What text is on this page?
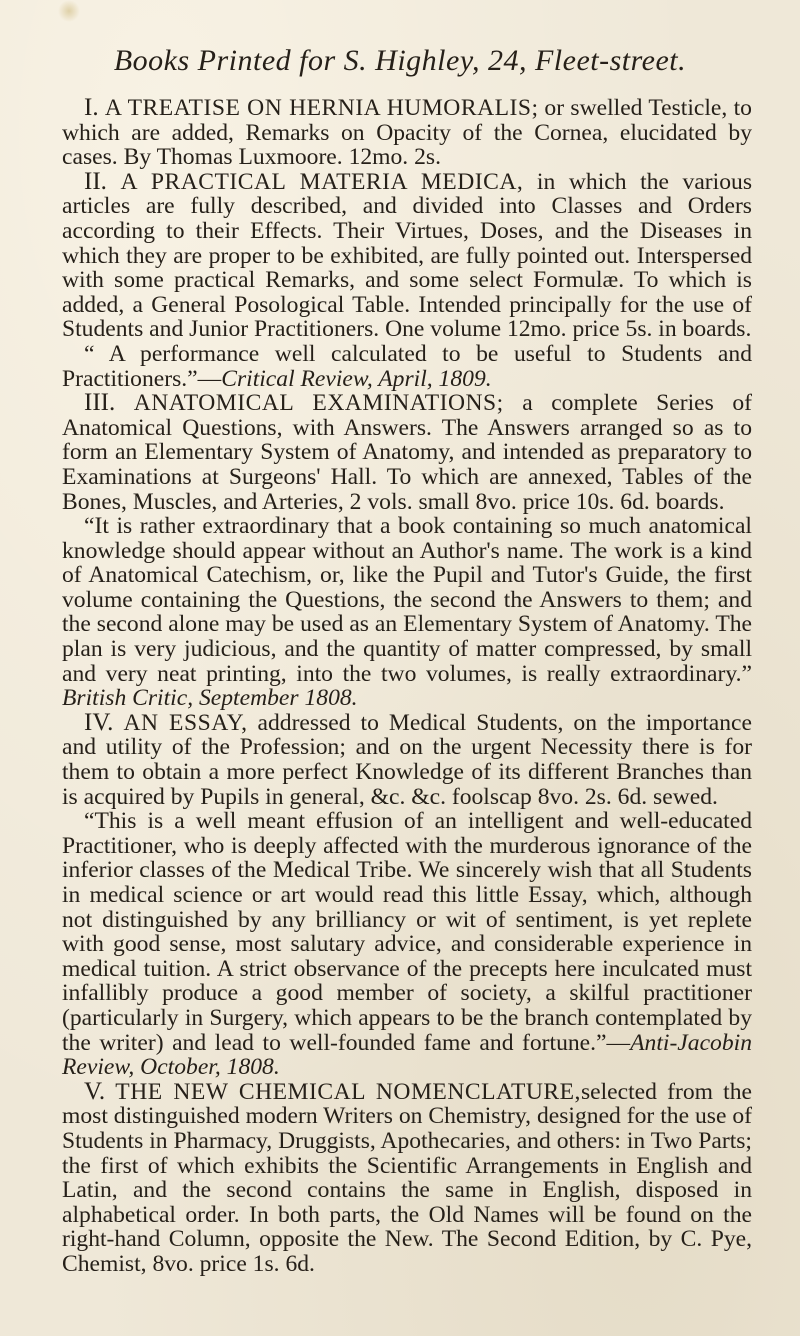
Books Printed for S. Highley, 24, Fleet-street.

I. A TREATISE ON HERNIA HUMORALIS; or swelled Testicle, to which are added, Remarks on Opacity of the Cornea, elucidated by cases. By Thomas Luxmoore. 12mo. 2s.

II. A PRACTICAL MATERIA MEDICA, in which the various articles are fully described, and divided into Classes and Orders according to their Effects. Their Virtues, Doses, and the Diseases in which they are proper to be exhibited, are fully pointed out. Interspersed with some practical Remarks, and some select Formulæ. To which is added, a General Posological Table. Intended principally for the use of Students and Junior Practitioners. One volume 12mo. price 5s. in boards.

“ A performance well calculated to be useful to Students and Practitioners.”—Critical Review, April, 1809.

III. ANATOMICAL EXAMINATIONS; a complete Series of Anatomical Questions, with Answers. The Answers arranged so as to form an Elementary System of Anatomy, and intended as preparatory to Examinations at Surgeons' Hall. To which are annexed, Tables of the Bones, Muscles, and Arteries, 2 vols. small 8vo. price 10s. 6d. boards.

“It is rather extraordinary that a book containing so much anatomical knowledge should appear without an Author's name. The work is a kind of Anatomical Catechism, or, like the Pupil and Tutor's Guide, the first volume containing the Questions, the second the Answers to them; and the second alone may be used as an Elementary System of Anatomy. The plan is very judicious, and the quantity of matter compressed, by small and very neat printing, into the two volumes, is really extraordinary.” British Critic, September 1808.

IV. AN ESSAY, addressed to Medical Students, on the importance and utility of the Profession; and on the urgent Necessity there is for them to obtain a more perfect Knowledge of its different Branches than is acquired by Pupils in general, &c. &c. foolscap 8vo. 2s. 6d. sewed.

“This is a well meant effusion of an intelligent and well-educated Practitioner, who is deeply affected with the murderous ignorance of the inferior classes of the Medical Tribe. We sincerely wish that all Students in medical science or art would read this little Essay, which, although not distinguished by any brilliancy or wit of sentiment, is yet replete with good sense, most salutary advice, and considerable experience in medical tuition. A strict observance of the precepts here inculcated must infallibly produce a good member of society, a skilful practitioner (particularly in Surgery, which appears to be the branch contemplated by the writer) and lead to well-founded fame and fortune.”—Anti-Jacobin Review, October, 1808.

V. THE NEW CHEMICAL NOMENCLATURE,selected from the most distinguished modern Writers on Chemistry, designed for the use of Students in Pharmacy, Druggists, Apothecaries, and others: in Two Parts; the first of which exhibits the Scientific Arrangements in English and Latin, and the second contains the same in English, disposed in alphabetical order. In both parts, the Old Names will be found on the right-hand Column, opposite the New. The Second Edition, by C. Pye, Chemist, 8vo. price 1s. 6d.
